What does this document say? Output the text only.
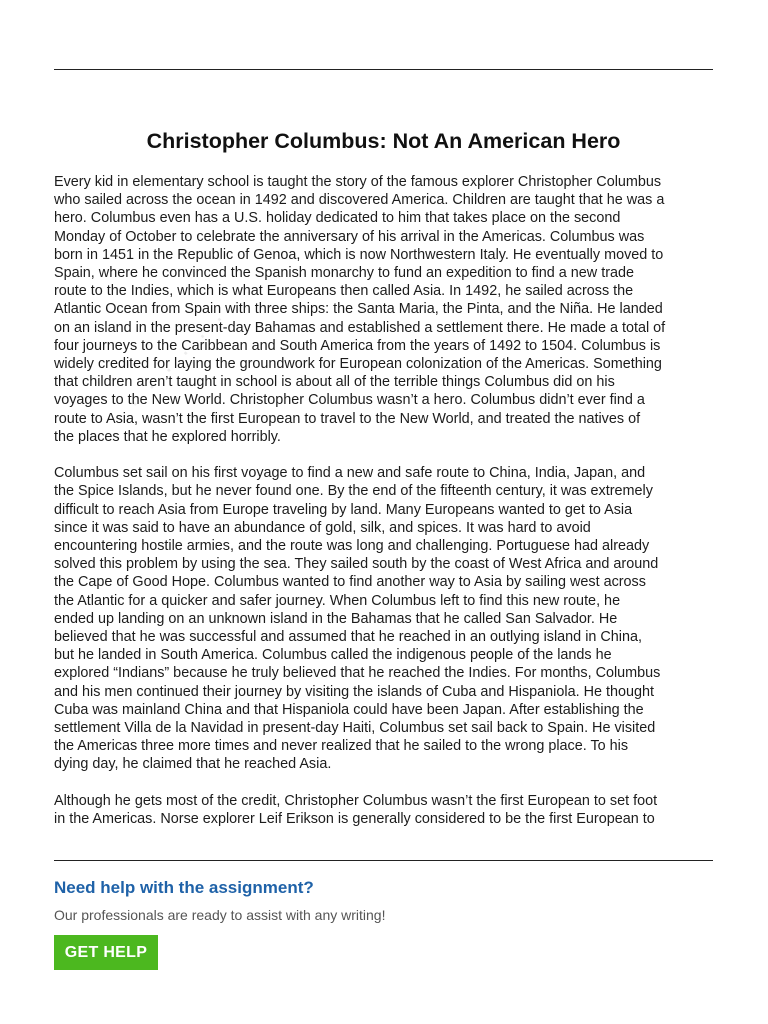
Christopher Columbus: Not An American Hero
· · · · · ·
Every kid in elementary school is taught the story of the famous explorer Christopher Columbus
who sailed across the ocean in 1492 and discovered America. Children are taught that he was a
hero. Columbus even has a U.S. holiday dedicated to him that takes place on the second
Monday of October to celebrate the anniversary of his arrival in the Americas. Columbus was
born in 1451 in the Republic of Genoa, which is now Northwestern Italy. He eventually moved to
Spain, where he convinced the Spanish monarchy to fund an expedition to find a new trade
route to the Indies, which is what Europeans then called Asia. In 1492, he sailed across the
Atlantic Ocean from Spain with three ships: the Santa Maria, the Pinta, and the Niña. He landed
on an island in the present-day Bahamas and established a settlement there. He made a total of
four journeys to the Caribbean and South America from the years of 1492 to 1504. Columbus is
widely credited for laying the groundwork for European colonization of the Americas. Something
that children aren’t taught in school is about all of the terrible things Columbus did on his
voyages to the New World. Christopher Columbus wasn’t a hero. Columbus didn’t ever find a
route to Asia, wasn’t the first European to travel to the New World, and treated the natives of
the places that he explored horribly.
Columbus set sail on his first voyage to find a new and safe route to China, India, Japan, and
the Spice Islands, but he never found one. By the end of the fifteenth century, it was extremely
difficult to reach Asia from Europe traveling by land. Many Europeans wanted to get to Asia
since it was said to have an abundance of gold, silk, and spices. It was hard to avoid
encountering hostile armies, and the route was long and challenging. Portuguese had already
solved this problem by using the sea. They sailed south by the coast of West Africa and around
the Cape of Good Hope. Columbus wanted to find another way to Asia by sailing west across
the Atlantic for a quicker and safer journey. When Columbus left to find this new route, he
ended up landing on an unknown island in the Bahamas that he called San Salvador. He
believed that he was successful and assumed that he reached in an outlying island in China,
but he landed in South America. Columbus called the indigenous people of the lands he
explored “Indians” because he truly believed that he reached the Indies. For months, Columbus
and his men continued their journey by visiting the islands of Cuba and Hispaniola. He thought
Cuba was mainland China and that Hispaniola could have been Japan. After establishing the
settlement Villa de la Navidad in present-day Haiti, Columbus set sail back to Spain. He visited
the Americas three more times and never realized that he sailed to the wrong place. To his
dying day, he claimed that he reached Asia.
Although he gets most of the credit, Christopher Columbus wasn’t the first European to set foot
in the Americas. Norse explorer Leif Erikson is generally considered to be the first European to
Need help with the assignment?

Our professionals are ready to assist with any writing!

GET HELP
